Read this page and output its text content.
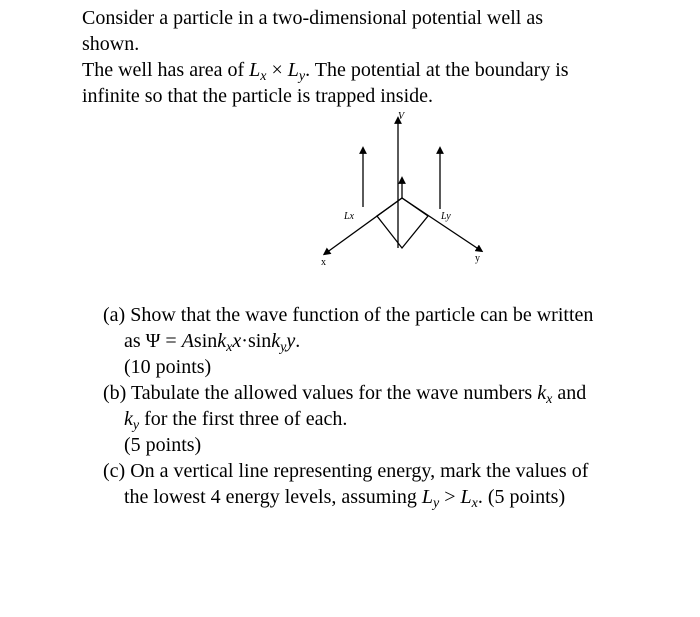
Consider a particle in a two-dimensional potential well as

shown.

The well has area of $L_x \times L_y$. The potential at the boundary is

infinite so that the particle is trapped inside.

V
Lx	Ly
x	y

(a) Show that the wave function of the particle can be written

as Ψ = Asink$_x$x·sink$_y$y.

(10 points)

(b) Tabulate the allowed values for the wave numbers $k_x$ and

$k_y$ for the first three of each.

(5 points)

(c) On a vertical line representing energy, mark the values of

the lowest 4 energy levels, assuming $L_y > L_x$. (5 points)
